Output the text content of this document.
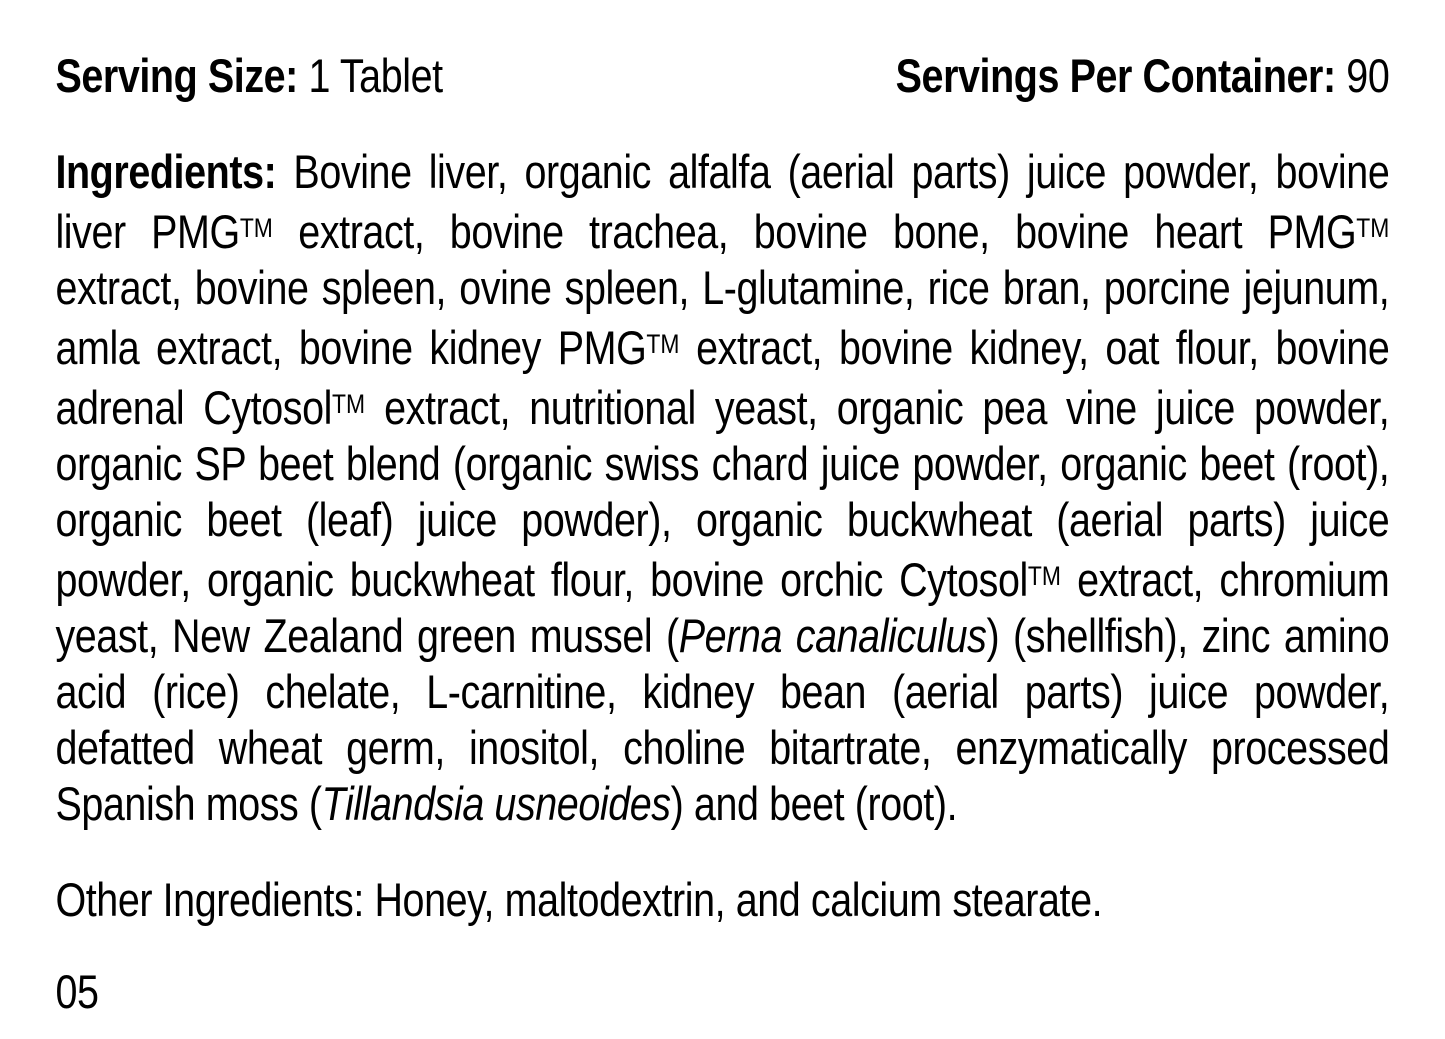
Serving Size: 1 Tablet	Servings Per Container: 90

Ingredients: Bovine liver, organic alfalfa (aerial parts) juice powder, bovine liver PMG™ extract, bovine trachea, bovine bone, bovine heart PMG™ extract, bovine spleen, ovine spleen, L-glutamine, rice bran, porcine jejunum, amla extract, bovine kidney PMG™ extract, bovine kidney, oat flour, bovine adrenal Cytosol™ extract, nutritional yeast, organic pea vine juice powder, organic SP beet blend (organic swiss chard juice powder, organic beet (root), organic beet (leaf) juice powder), organic buckwheat (aerial parts) juice powder, organic buckwheat flour, bovine orchic Cytosol™ extract, chromium yeast, New Zealand green mussel (Perna canaliculus) (shellfish), zinc amino acid (rice) chelate, L-carnitine, kidney bean (aerial parts) juice powder, defatted wheat germ, inositol, choline bitartrate, enzymatically processed Spanish moss (Tillandsia usneoides) and beet (root).

Other Ingredients: Honey, maltodextrin, and calcium stearate.

05
